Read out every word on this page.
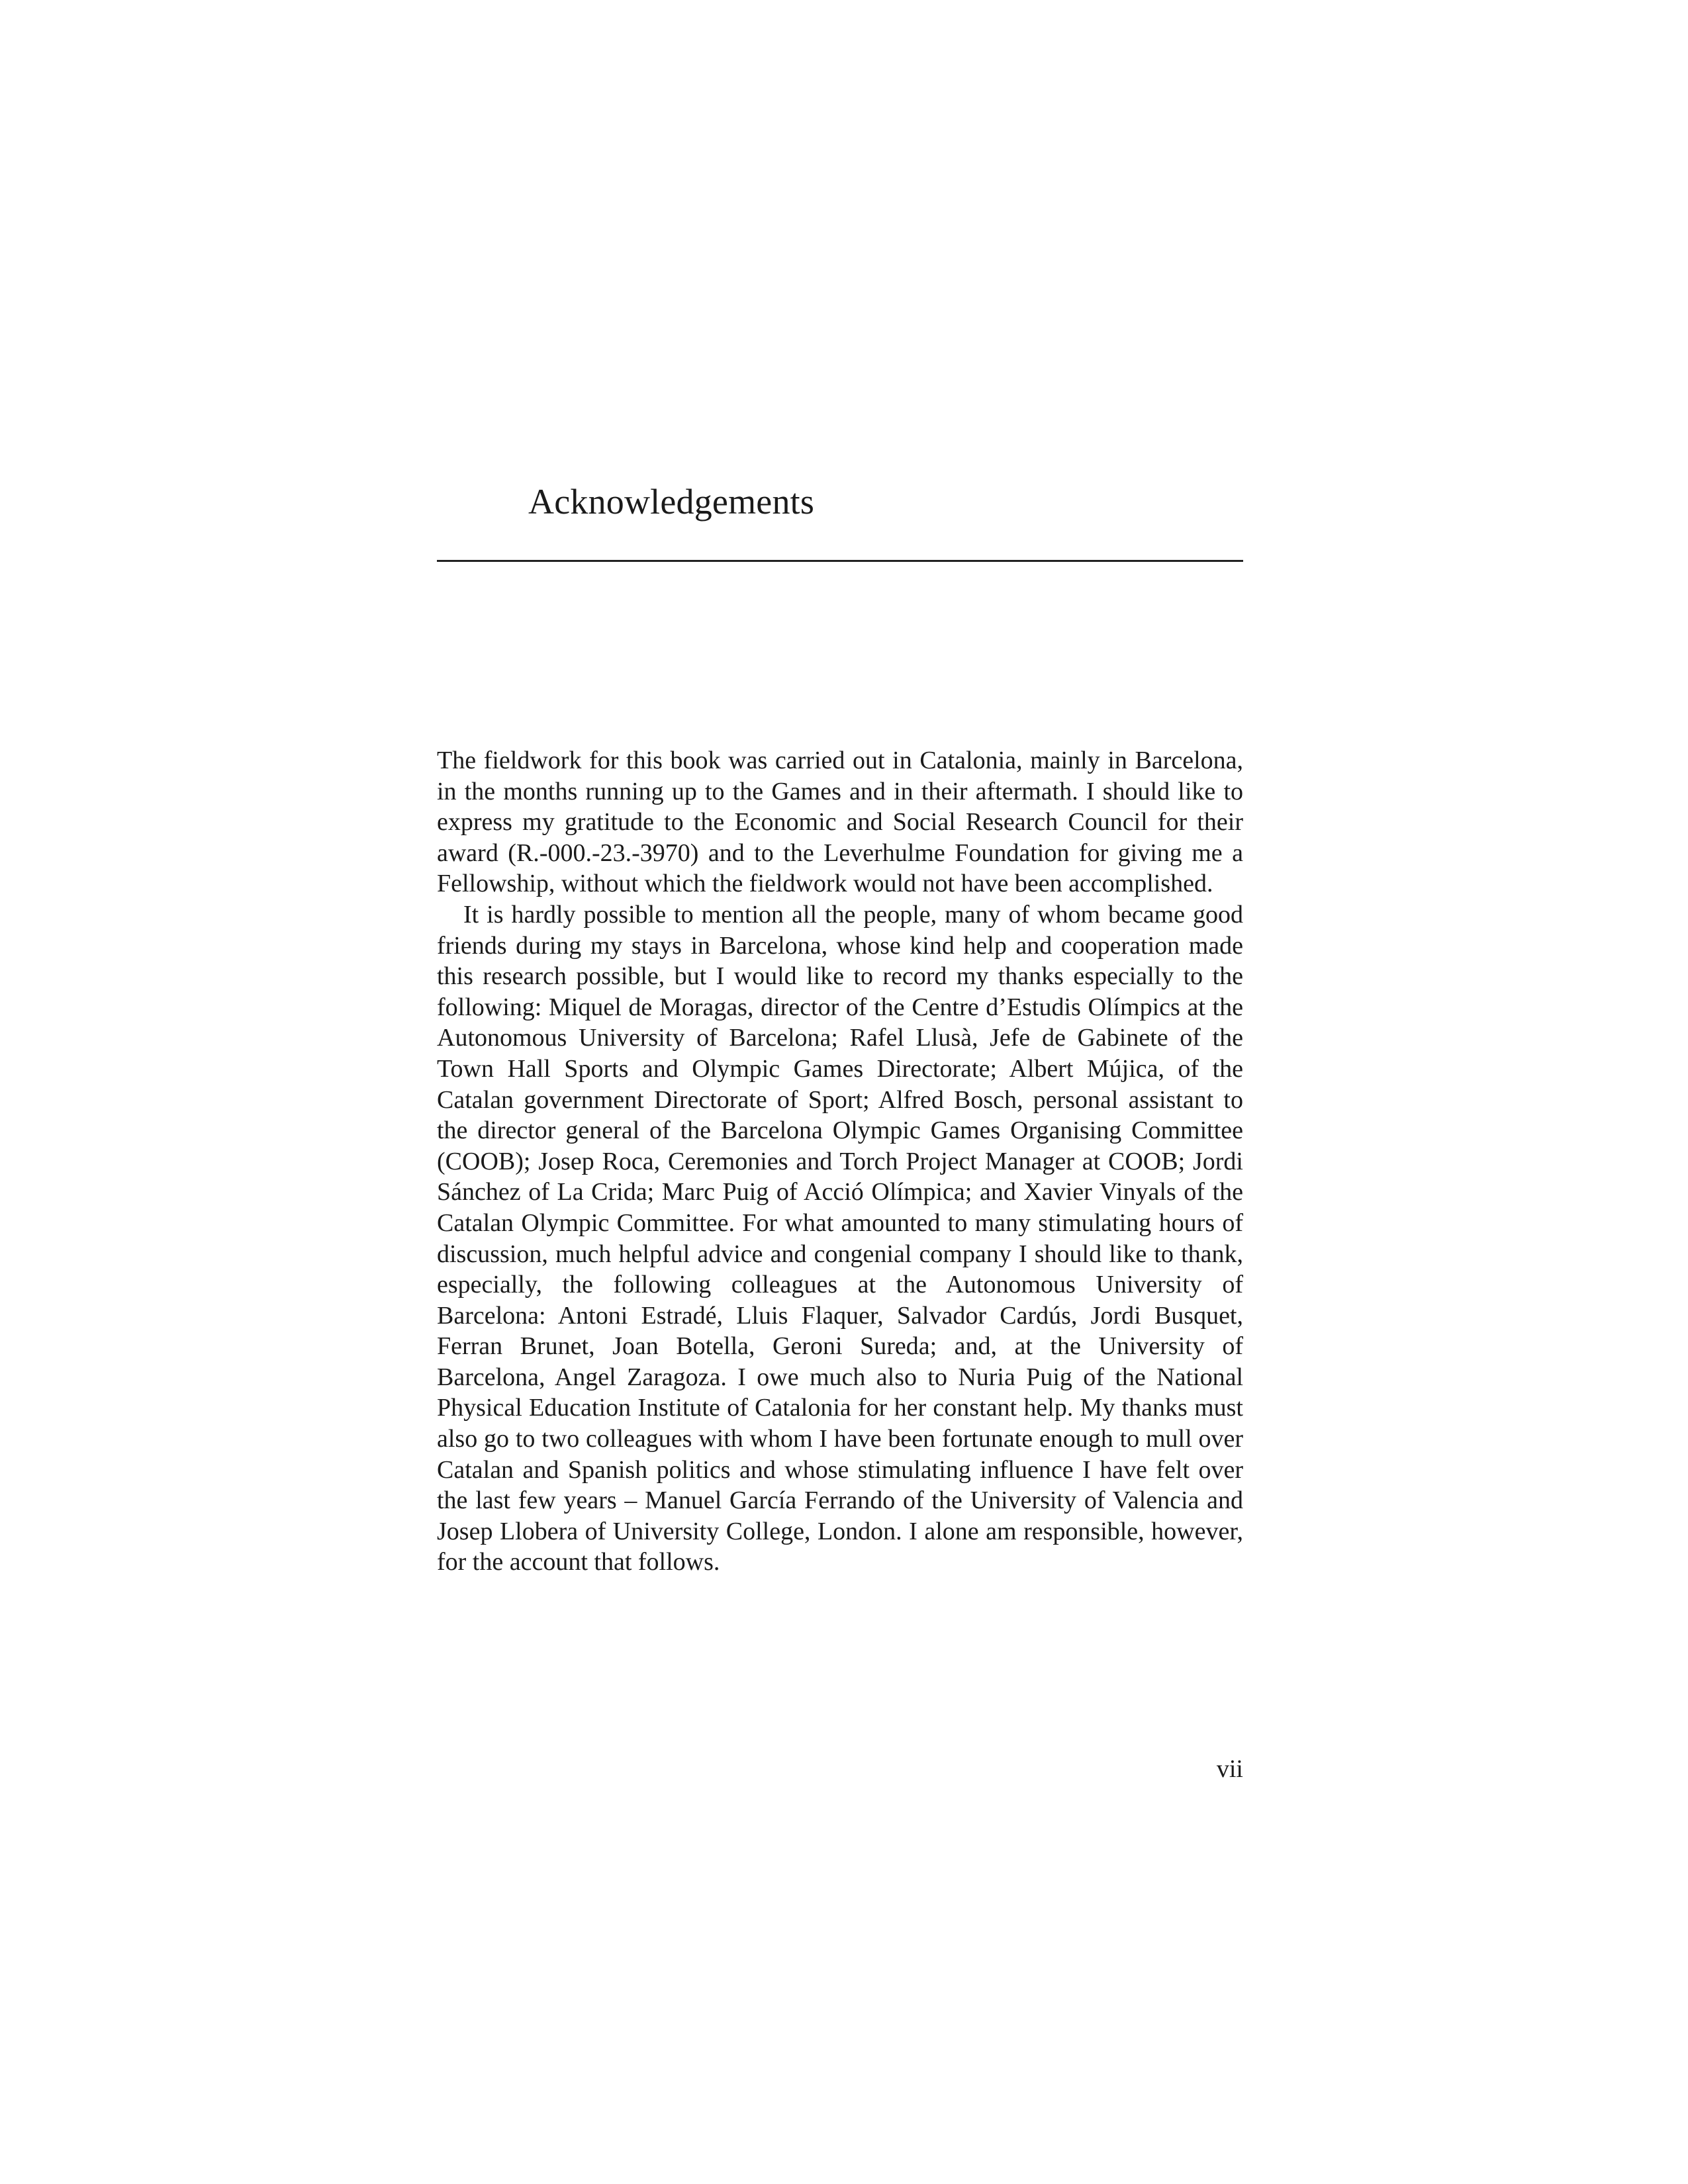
Acknowledgements

The fieldwork for this book was carried out in Catalonia, mainly in Barcelona, in the months running up to the Games and in their aftermath. I should like to express my gratitude to the Economic and Social Research Council for their award (R.-000.-23.-3970) and to the Leverhulme Foundation for giving me a Fellowship, without which the fieldwork would not have been accomplished.

It is hardly possible to mention all the people, many of whom became good friends during my stays in Barcelona, whose kind help and cooperation made this research possible, but I would like to record my thanks especially to the following: Miquel de Moragas, director of the Centre d’Estudis Olímpics at the Autonomous University of Barcelona; Rafel Llusà, Jefe de Gabinete of the Town Hall Sports and Olympic Games Directorate; Albert Mújica, of the Catalan government Directorate of Sport; Alfred Bosch, personal assistant to the director general of the Barcelona Olympic Games Organising Committee (COOB); Josep Roca, Ceremonies and Torch Project Manager at COOB; Jordi Sánchez of La Crida; Marc Puig of Acció Olímpica; and Xavier Vinyals of the Catalan Olympic Committee. For what amounted to many stimulating hours of discussion, much helpful advice and congenial company I should like to thank, especially, the following colleagues at the Autonomous University of Barcelona: Antoni Estradé, Lluis Flaquer, Salvador Cardús, Jordi Busquet, Ferran Brunet, Joan Botella, Geroni Sureda; and, at the University of Barcelona, Angel Zaragoza. I owe much also to Nuria Puig of the National Physical Education Institute of Catalonia for her constant help. My thanks must also go to two colleagues with whom I have been fortunate enough to mull over Catalan and Spanish politics and whose stimulating influence I have felt over the last few years – Manuel García Ferrando of the University of Valencia and Josep Llobera of University College, London. I alone am responsible, however, for the account that follows.

vii
